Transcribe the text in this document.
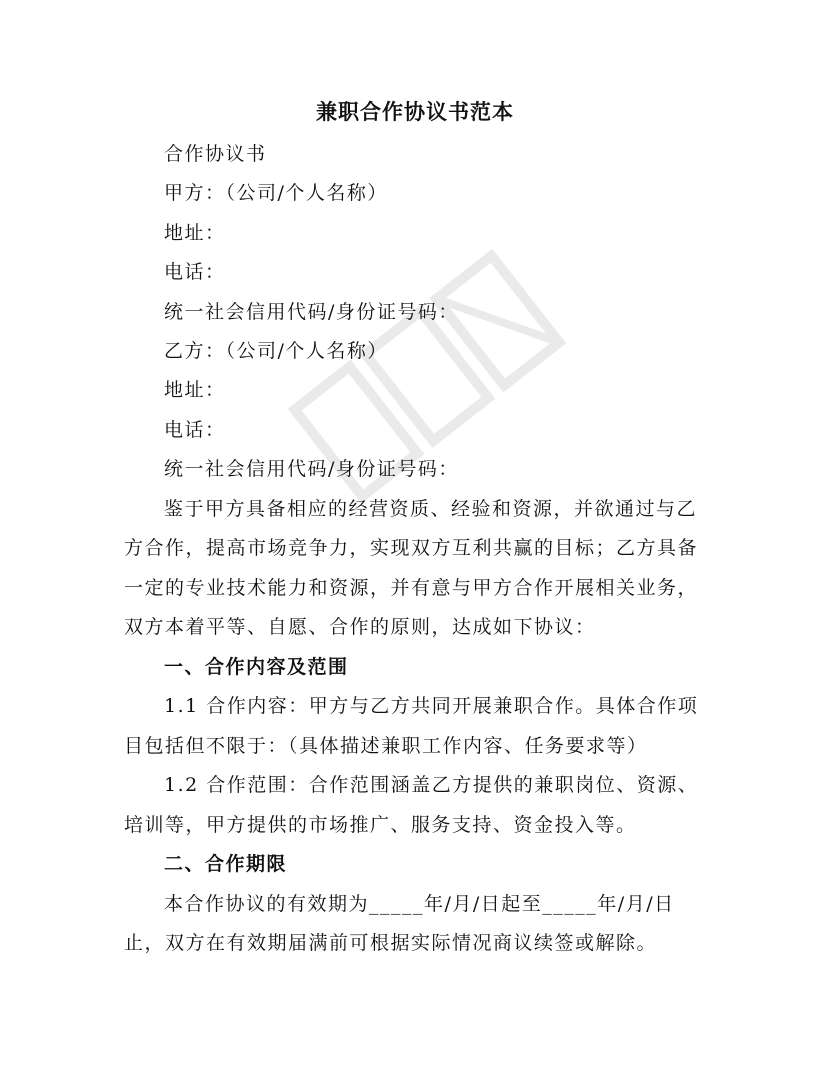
兼职合作协议书范本
合作协议书
甲方：（公司/个人名称）
地址：
电话：
统一社会信用代码/身份证号码：
乙方：（公司/个人名称）
地址：
电话：
统一社会信用代码/身份证号码：
鉴于甲方具备相应的经营资质、经验和资源，并欲通过与乙
方合作，提高市场竞争力，实现双方互利共赢的目标；乙方具备
一定的专业技术能力和资源，并有意与甲方合作开展相关业务，
双方本着平等、自愿、合作的原则，达成如下协议：
一、合作内容及范围
1.1 合作内容：甲方与乙方共同开展兼职合作。具体合作项
目包括但不限于：（具体描述兼职工作内容、任务要求等）
1.2 合作范围：合作范围涵盖乙方提供的兼职岗位、资源、
培训等，甲方提供的市场推广、服务支持、资金投入等。
二、合作期限
本合作协议的有效期为_____年/月/日起至_____年/月/日
止，双方在有效期届满前可根据实际情况商议续签或解除。
